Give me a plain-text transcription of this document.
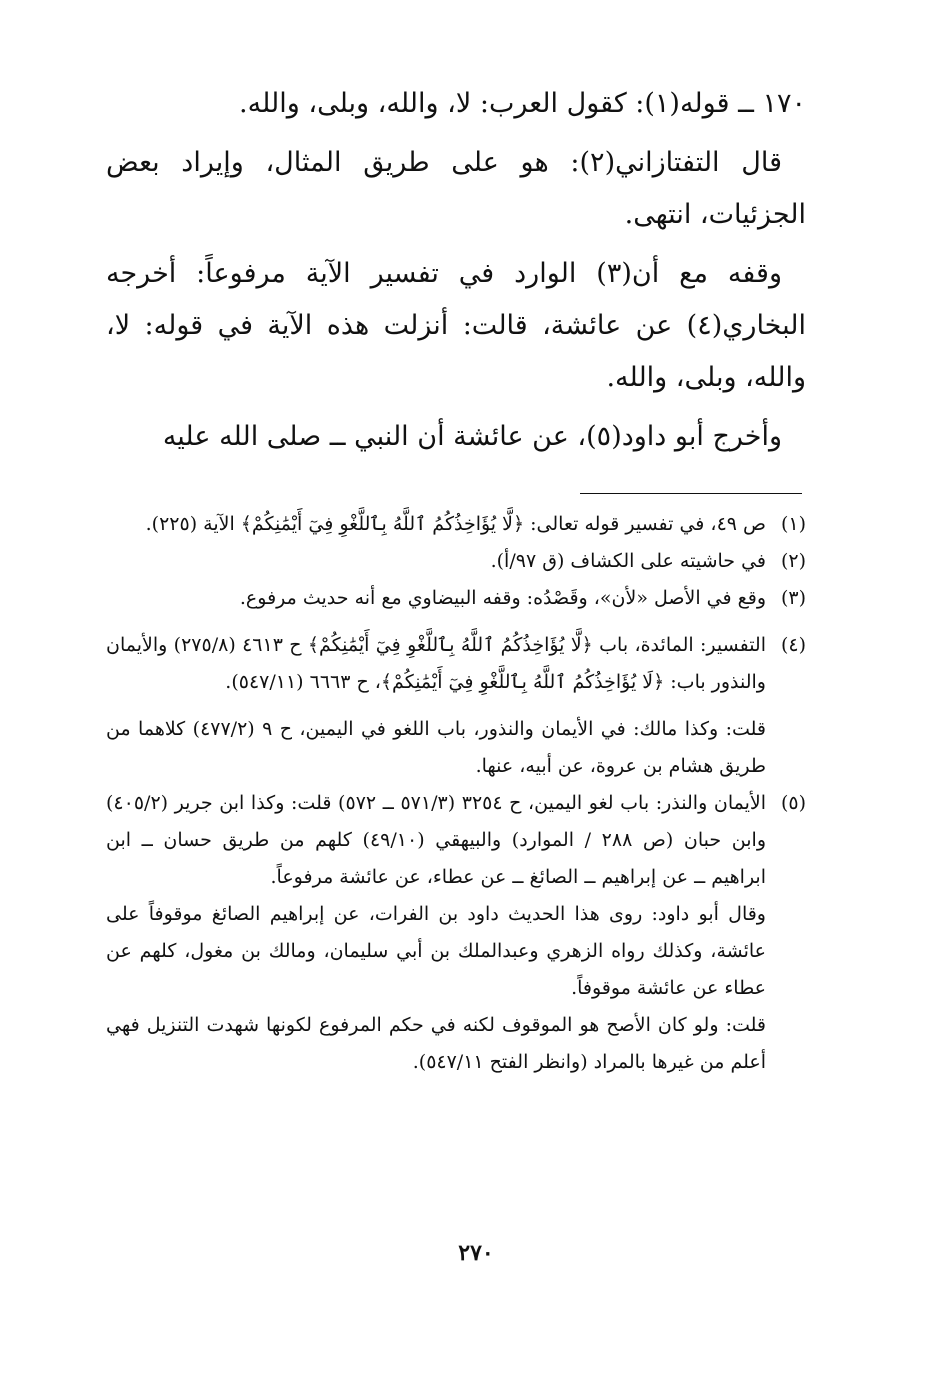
١٧٠ ــ قوله(١): كقول العرب: لا، والله، وبلى، والله.

قال التفتازاني(٢): هو على طريق المثال، وإيراد بعض الجزئيات، انتهى.

وقفه مع أن(٣) الوارد في تفسير الآية مرفوعاً: أخرجه البخاري(٤) عن عائشة، قالت: أنزلت هذه الآية في قوله: لا، والله، وبلى، والله.

وأخرج أبو داود(٥)، عن عائشة أن النبي ــ صلى الله عليه

(١)
ص ٤٩، في تفسير قوله تعالى: ﴿لَّا يُؤَاخِذُكُمُ ٱللَّهُ بِٱللَّغْوِ فِيٓ أَيْمَٰنِكُمْ﴾ الآية (٢٢٥).
(٢)
في حاشيته على الكشاف (ق ٩٧/أ).
(٣)
وقع في الأصل «لأن»، وقَصْدُه: وقفه البيضاوي مع أنه حديث مرفوع.
(٤)
التفسير: المائدة، باب ﴿لَّا يُؤَاخِذُكُمُ ٱللَّهُ بِٱللَّغْوِ فِيٓ أَيْمَٰنِكُمْ﴾ ح ٤٦١٣ (٢٧٥/٨) والأيمان والنذور باب: ﴿لَا يُؤَاخِذُكُمُ ٱللَّهُ بِٱللَّغْوِ فِيٓ أَيْمَٰنِكُمْ﴾، ح ٦٦٦٣ (٥٤٧/١١).

قلت: وكذا مالك: في الأيمان والنذور، باب اللغو في اليمين، ح ٩ (٤٧٧/٢) كلاهما من طريق هشام بن عروة، عن أبيه، عنها.

(٥)
الأيمان والنذر: باب لغو اليمين، ح ٣٢٥٤ (٥٧١/٣ ــ ٥٧٢) قلت: وكذا ابن جرير (٤٠٥/٢) وابن حبان (ص ٢٨٨ / الموارد) والبيهقي (٤٩/١٠) كلهم من طريق حسان ــ ابن ابراهيم ــ عن إبراهيم ــ الصائغ ــ عن عطاء، عن عائشة مرفوعاً.

وقال أبو داود: روى هذا الحديث داود بن الفرات، عن إبراهيم الصائغ موقوفاً على عائشة، وكذلك رواه الزهري وعبدالملك بن أبي سليمان، ومالك بن مغول، كلهم عن عطاء عن عائشة موقوفاً.

قلت: ولو كان الأصح هو الموقوف لكنه في حكم المرفوع لكونها شهدت التنزيل فهي أعلم من غيرها بالمراد (وانظر الفتح ٥٤٧/١١).

٢٧٠
